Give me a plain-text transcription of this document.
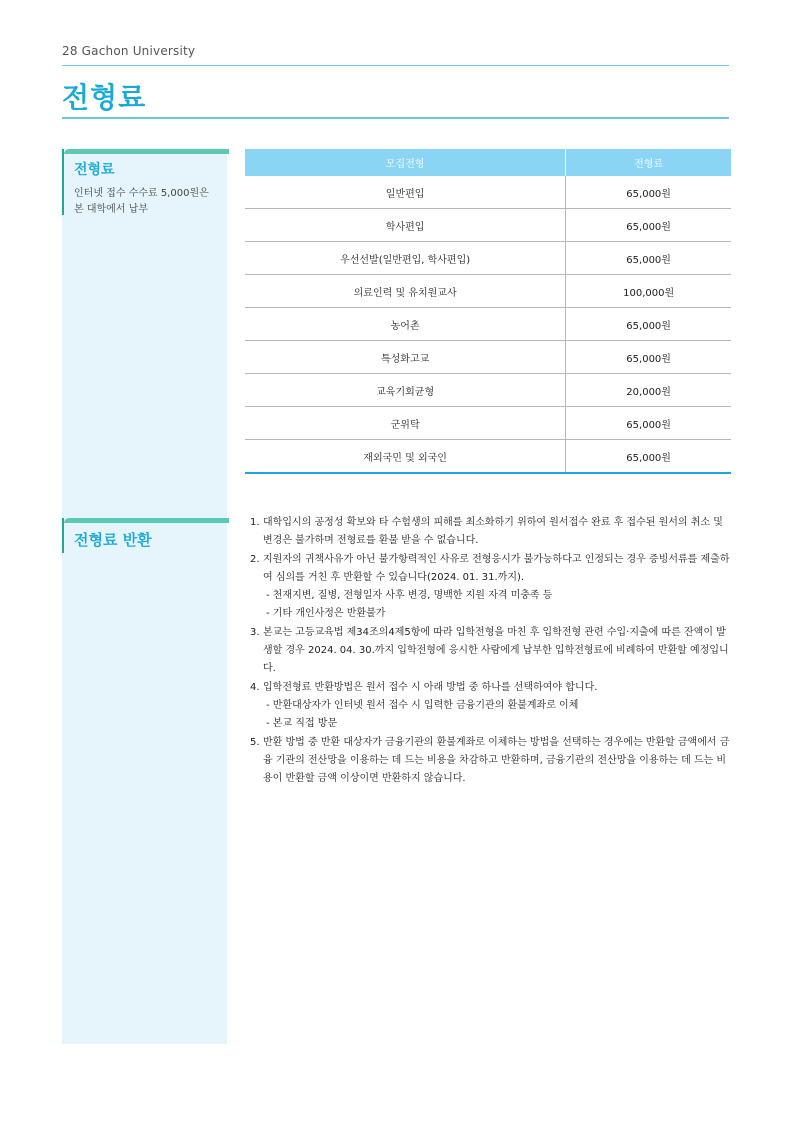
28 Gachon University
전형료
전형료
인터넷 접수 수수료 5,000원은 본 대학에서 납부
전형료 반환
모집전형	전형료
일반편입	65,000원
학사편입	65,000원
우선선발(일반편입, 학사편입)	65,000원
의료인력 및 유치원교사	100,000원
농어촌	65,000원
특성화고교	65,000원
교육기회균형	20,000원
군위탁	65,000원
재외국민 및 외국인	65,000원
1. 대학입시의 공정성 확보와 타 수험생의 피해를 최소화하기 위하여 원서접수 완료 후 접수된 원서의 취소 및 변경은 불가하며 전형료를 환불 받을 수 없습니다.
2. 지원자의 귀책사유가 아닌 불가항력적인 사유로 전형응시가 불가능하다고 인정되는 경우 증빙서류를 제출하여 심의를 거친 후 반환할 수 있습니다(2024. 01. 31.까지).
- 천재지변, 질병, 전형일자 사후 변경, 명백한 지원 자격 미충족 등
- 기타 개인사정은 반환불가
3. 본교는 고등교육법 제34조의4제5항에 따라 입학전형을 마친 후 입학전형 관련 수입·지출에 따른 잔액이 발생할 경우 2024. 04. 30.까지 입학전형에 응시한 사람에게 납부한 입학전형료에 비례하여 반환할 예정입니다.
4. 입학전형료 반환방법은 원서 접수 시 아래 방법 중 하나를 선택하여야 합니다.
- 반환대상자가 인터넷 원서 접수 시 입력한 금융기관의 환불계좌로 이체
- 본교 직접 방문
5. 반환 방법 중 반환 대상자가 금융기관의 환불계좌로 이체하는 방법을 선택하는 경우에는 반환할 금액에서 금융 기관의 전산망을 이용하는 데 드는 비용을 차감하고 반환하며, 금융기관의 전산망을 이용하는 데 드는 비용이 반환할 금액 이상이면 반환하지 않습니다.
